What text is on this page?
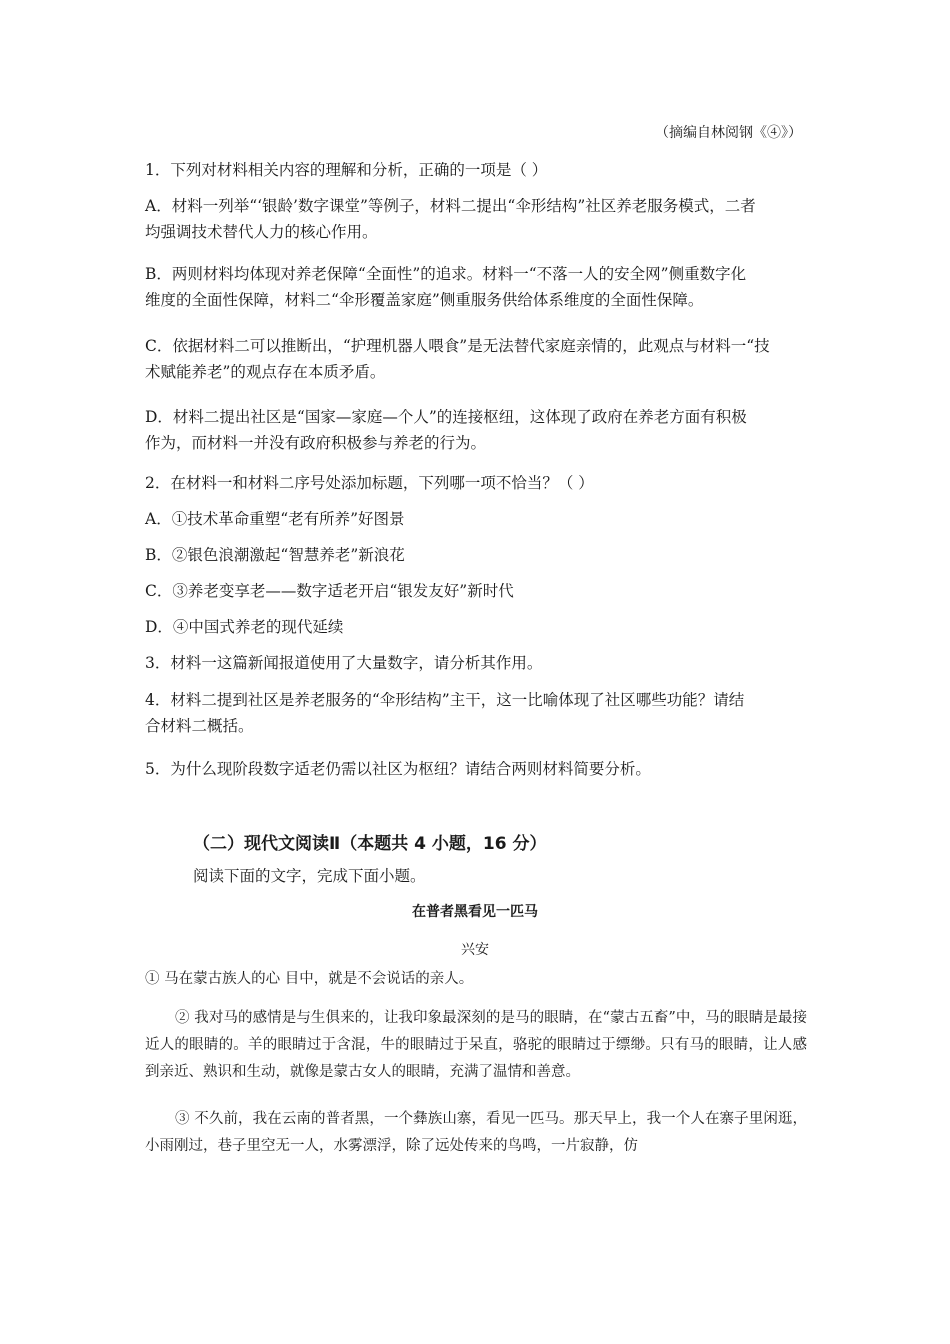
（摘编自林阅钢《④》）
1．下列对材料相关内容的理解和分析，正确的一项是（ ）
A．材料一列举“‘银龄’数字课堂”等例子，材料二提出“伞形结构”社区养老服务模式，二者
均强调技术替代人力的核心作用。
B．两则材料均体现对养老保障“全面性”的追求。材料一“不落一人的安全网”侧重数字化
维度的全面性保障，材料二“伞形覆盖家庭”侧重服务供给体系维度的全面性保障。
C．依据材料二可以推断出，“护理机器人喂食”是无法替代家庭亲情的，此观点与材料一“技
术赋能养老”的观点存在本质矛盾。
D．材料二提出社区是“国家—家庭—个人”的连接枢纽，这体现了政府在养老方面有积极
作为，而材料一并没有政府积极参与养老的行为。
2．在材料一和材料二序号处添加标题，下列哪一项不恰当？（ ）
A．①技术革命重塑“老有所养”好图景
B．②银色浪潮激起“智慧养老”新浪花
C．③养老变享老——数字适老开启“银发友好”新时代
D．④中国式养老的现代延续
3．材料一这篇新闻报道使用了大量数字，请分析其作用。
4．材料二提到社区是养老服务的“伞形结构”主干，这一比喻体现了社区哪些功能？请结
合材料二概括。
5．为什么现阶段数字适老仍需以社区为枢纽？请结合两则材料简要分析。
（二）现代文阅读Ⅱ（本题共 4 小题，16 分）
阅读下面的文字，完成下面小题。
在普者黑看见一匹马
兴安
① 马在蒙古族人的心 目中，就是不会说话的亲人。
② 我对马的感情是与生俱来的，让我印象最深刻的是马的眼睛，在“蒙古五畜”中，马的眼睛是最接近人的眼睛的。羊的眼睛过于含混，牛的眼睛过于呆直，骆驼的眼睛过于缥缈。只有马的眼睛，让人感到亲近、熟识和生动，就像是蒙古女人的眼睛，充满了温情和善意。
③ 不久前，我在云南的普者黑，一个彝族山寨，看见一匹马。那天早上，我一个人在寨子里闲逛，小雨刚过，巷子里空无一人，水雾漂浮，除了远处传来的鸟鸣，一片寂静，仿
